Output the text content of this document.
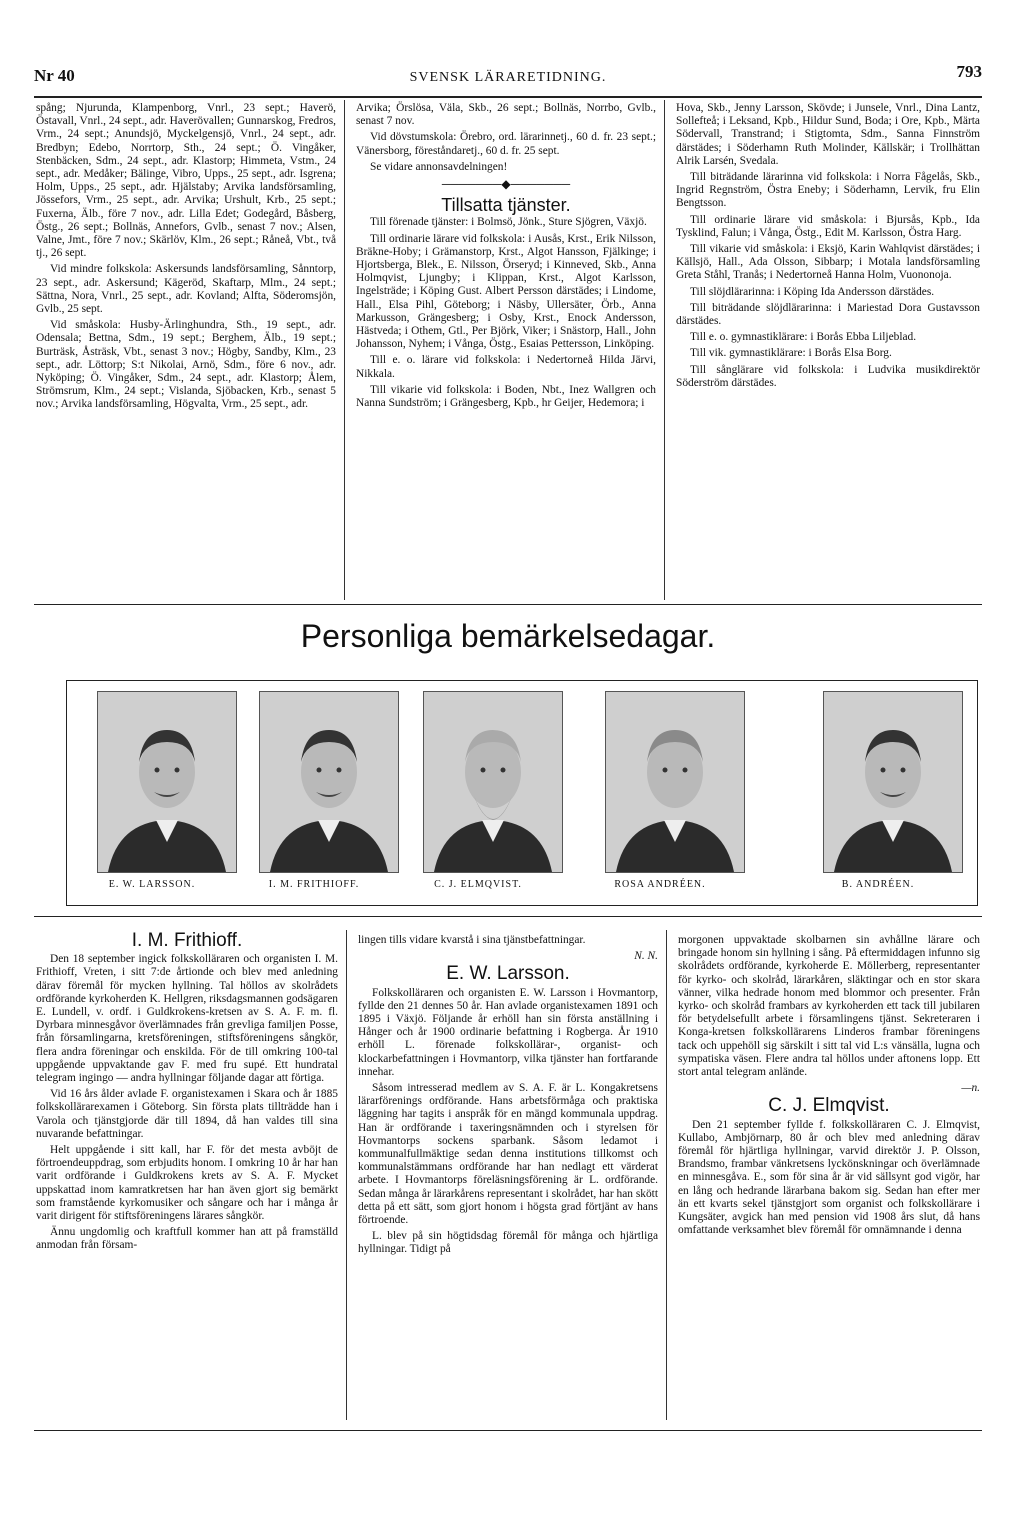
Nr 40	SVENSK LÄRARETIDNING.	793

spång; Njurunda, Klampenborg, Vnrl., 23 sept.; Haverö, Östavall, Vnrl., 24 sept., adr. Haverövallen; Gunnarskog, Fredros, Vrm., 24 sept.; Anundsjö, Myckelgensjö, Vnrl., 24 sept., adr. Bredbyn; Edebo, Norrtorp, Sth., 24 sept.; Ö. Vingåker, Stenbäcken, Sdm., 24 sept., adr. Klastorp; Himmeta, Vstm., 24 sept., adr. Medåker; Bälinge, Vibro, Upps., 25 sept., adr. Isgrena; Holm, Upps., 25 sept., adr. Hjälstaby; Arvika landsförsamling, Jössefors, Vrm., 25 sept., adr. Arvika; Urshult, Krb., 25 sept.; Fuxerna, Älb., före 7 nov., adr. Lilla Edet; Godegård, Båsberg, Östg., 26 sept.; Bollnäs, Annefors, Gvlb., senast 7 nov.; Alsen, Valne, Jmt., före 7 nov.; Skärlöv, Klm., 26 sept.; Råneå, Vbt., två tj., 26 sept.

Vid mindre folkskola: Askersunds landsförsamling, Sånntorp, 23 sept., adr. Askersund; Kägeröd, Skaftarp, Mlm., 24 sept.; Sättna, Nora, Vnrl., 25 sept., adr. Kovland; Alfta, Söderomsjön, Gvlb., 25 sept.

Vid småskola: Husby-Ärlinghundra, Sth., 19 sept., adr. Odensala; Bettna, Sdm., 19 sept.; Berghem, Älb., 19 sept.; Burträsk, Åsträsk, Vbt., senast 3 nov.; Högby, Sandby, Klm., 23 sept., adr. Löttorp; S:t Nikolai, Arnö, Sdm., före 6 nov., adr. Nyköping; Ö. Vingåker, Sdm., 24 sept., adr. Klastorp; Ålem, Strömsrum, Klm., 24 sept.; Vislanda, Sjöbacken, Krb., senast 5 nov.; Arvika landsförsamling, Högvalta, Vrm., 25 sept., adr.

Arvika; Örslösa, Väla, Skb., 26 sept.; Bollnäs, Norrbo, Gvlb., senast 7 nov.

Vid dövstumskola: Örebro, ord. lärarinnetj., 60 d. fr. 23 sept.; Vänersborg, föreståndaretj., 60 d. fr. 25 sept.

Se vidare annonsavdelningen!

───────◆───────
Tillsatta tjänster.

Till förenade tjänster: i Bolmsö, Jönk., Sture Sjögren, Växjö.

Till ordinarie lärare vid folkskola: i Ausås, Krst., Erik Nilsson, Bräkne-Hoby; i Grämanstorp, Krst., Algot Hansson, Fjälkinge; i Hjortsberga, Blek., E. Nilsson, Örseryd; i Kinneved, Skb., Anna Holmqvist, Ljungby; i Klippan, Krst., Algot Karlsson, Ingelsträde; i Köping Gust. Albert Persson därstädes; i Lindome, Hall., Elsa Pihl, Göteborg; i Näsby, Ullersäter, Örb., Anna Markusson, Grängesberg; i Osby, Krst., Enock Andersson, Hästveda; i Othem, Gtl., Per Björk, Viker; i Snästorp, Hall., John Johansson, Nyhem; i Vånga, Östg., Esaias Pettersson, Linköping.

Till e. o. lärare vid folkskola: i Nedertorneå Hilda Järvi, Nikkala.

Till vikarie vid folkskola: i Boden, Nbt., Inez Wallgren och Nanna Sundström; i Grängesberg, Kpb., hr Geijer, Hedemora; i

Hova, Skb., Jenny Larsson, Skövde; i Junsele, Vnrl., Dina Lantz, Sollefteå; i Leksand, Kpb., Hildur Sund, Boda; i Ore, Kpb., Märta Södervall, Transtrand; i Stigtomta, Sdm., Sanna Finnström därstädes; i Söderhamn Ruth Molinder, Källskär; i Trollhättan Alrik Larsén, Svedala.

Till biträdande lärarinna vid folkskola: i Norra Fågelås, Skb., Ingrid Regnström, Östra Eneby; i Söderhamn, Lervik, fru Elin Bengtsson.

Till ordinarie lärare vid småskola: i Bjursås, Kpb., Ida Tysklind, Falun; i Vånga, Östg., Edit M. Karlsson, Östra Harg.

Till vikarie vid småskola: i Eksjö, Karin Wahlqvist därstädes; i Källsjö, Hall., Ada Olsson, Sibbarp; i Motala landsförsamling Greta Ståhl, Tranås; i Nedertorneå Hanna Holm, Vuononoja.

Till slöjdlärarinna: i Köping Ida Andersson därstädes.

Till biträdande slöjdlärarinna: i Mariestad Dora Gustavsson därstädes.

Till e. o. gymnastiklärare: i Borås Ebba Liljeblad.

Till vik. gymnastiklärare: i Borås Elsa Borg.

Till sånglärare vid folkskola: i Ludvika musikdirektör Söderström därstädes.

Personliga bemärkelsedagar.
E. W. LARSSON.	I. M. FRITHIOFF.	C. J. ELMQVIST.	ROSA ANDRÉEN.	B. ANDRÉEN.
I. M. Frithioff.

Den 18 september ingick folkskolläraren och organisten I. M. Frithioff, Vreten, i sitt 7:de årtionde och blev med anledning därav föremål för mycken hyllning. Tal höllos av skolrådets ordförande kyrkoherden K. Hellgren, riksdagsmannen godsägaren E. Lundell, v. ordf. i Guldkrokens-kretsen av S. A. F. m. fl. Dyrbara minnesgåvor överlämnades från grevliga familjen Posse, från församlingarna, kretsföreningen, stiftsföreningens sångkör, flera andra föreningar och enskilda. För de till omkring 100-tal uppgående uppvaktande gav F. med fru supé. Ett hundratal telegram ingingo — andra hyllningar följande dagar att förtiga.

Vid 16 års ålder avlade F. organistexamen i Skara och år 1885 folkskollärarexamen i Göteborg. Sin första plats tillträdde han i Varola och tjänstgjorde där till 1894, då han valdes till sina nuvarande befattningar.

Helt uppgående i sitt kall, har F. för det mesta avböjt de förtroendeuppdrag, som erbjudits honom. I omkring 10 år har han varit ordförande i Guldkrokens krets av S. A. F. Mycket uppskattad inom kamratkretsen har han även gjort sig bemärkt som framstående kyrkomusiker och sångare och har i många år varit dirigent för stiftsföreningens lärares sångkör.

Ännu ungdomlig och kraftfull kommer han att på framställd anmodan från försam-

lingen tills vidare kvarstå i sina tjänstbefattningar.

N. N.
E. W. Larsson.

Folkskolläraren och organisten E. W. Larsson i Hovmantorp, fyllde den 21 dennes 50 år. Han avlade organistexamen 1891 och 1895 i Växjö. Följande år erhöll han sin första anställning i Hånger och år 1900 ordinarie befattning i Rogberga. År 1910 erhöll L. förenade folkskollärar-, organist- och klockarbefattningen i Hovmantorp, vilka tjänster han fortfarande innehar.

Såsom intresserad medlem av S. A. F. är L. Kongakretsens lärarförenings ordförande. Hans arbetsförmåga och praktiska läggning har tagits i anspråk för en mängd kommunala uppdrag. Han är ordförande i taxeringsnämnden och i styrelsen för Hovmantorps sockens sparbank. Såsom ledamot i kommunalfullmäktige sedan denna institutions tillkomst och kommunalstämmans ordförande har han nedlagt ett värderat arbete. I Hovmantorps föreläsningsförening är L. ordförande. Sedan många år lärarkårens representant i skolrådet, har han skött detta på ett sätt, som gjort honom i högsta grad förtjänt av hans förtroende.

L. blev på sin högtidsdag föremål för många och hjärtliga hyllningar. Tidigt på

morgonen uppvaktade skolbarnen sin avhållne lärare och bringade honom sin hyllning i sång. På eftermiddagen infunno sig skolrådets ordförande, kyrkoherde E. Möllerberg, representanter för kyrko- och skolråd, lärarkåren, släktingar och en stor skara vänner, vilka hedrade honom med blommor och presenter. Från kyrko- och skolråd frambars av kyrkoherden ett tack till jubilaren för betydelsefullt arbete i församlingens tjänst. Sekreteraren i Konga-kretsen folkskollärarens Linderos frambar föreningens tack och uppehöll sig särskilt i sitt tal vid L:s vänsälla, lugna och sympatiska väsen. Flere andra tal höllos under aftonens lopp. Ett stort antal telegram anlände.

—n.
C. J. Elmqvist.

Den 21 september fyllde f. folkskolläraren C. J. Elmqvist, Kullabo, Ambjörnarp, 80 år och blev med anledning därav föremål för hjärtliga hyllningar, varvid direktör J. P. Olsson, Brandsmo, frambar vänkretsens lyckönskningar och överlämnade en minnesgåva. E., som för sina år är vid sällsynt god vigör, har en lång och hedrande lärarbana bakom sig. Sedan han efter mer än ett kvarts sekel tjänstgjort som organist och folkskollärare i Kungsäter, avgick han med pension vid 1908 års slut, då hans omfattande verksamhet blev föremål för omnämnande i denna
